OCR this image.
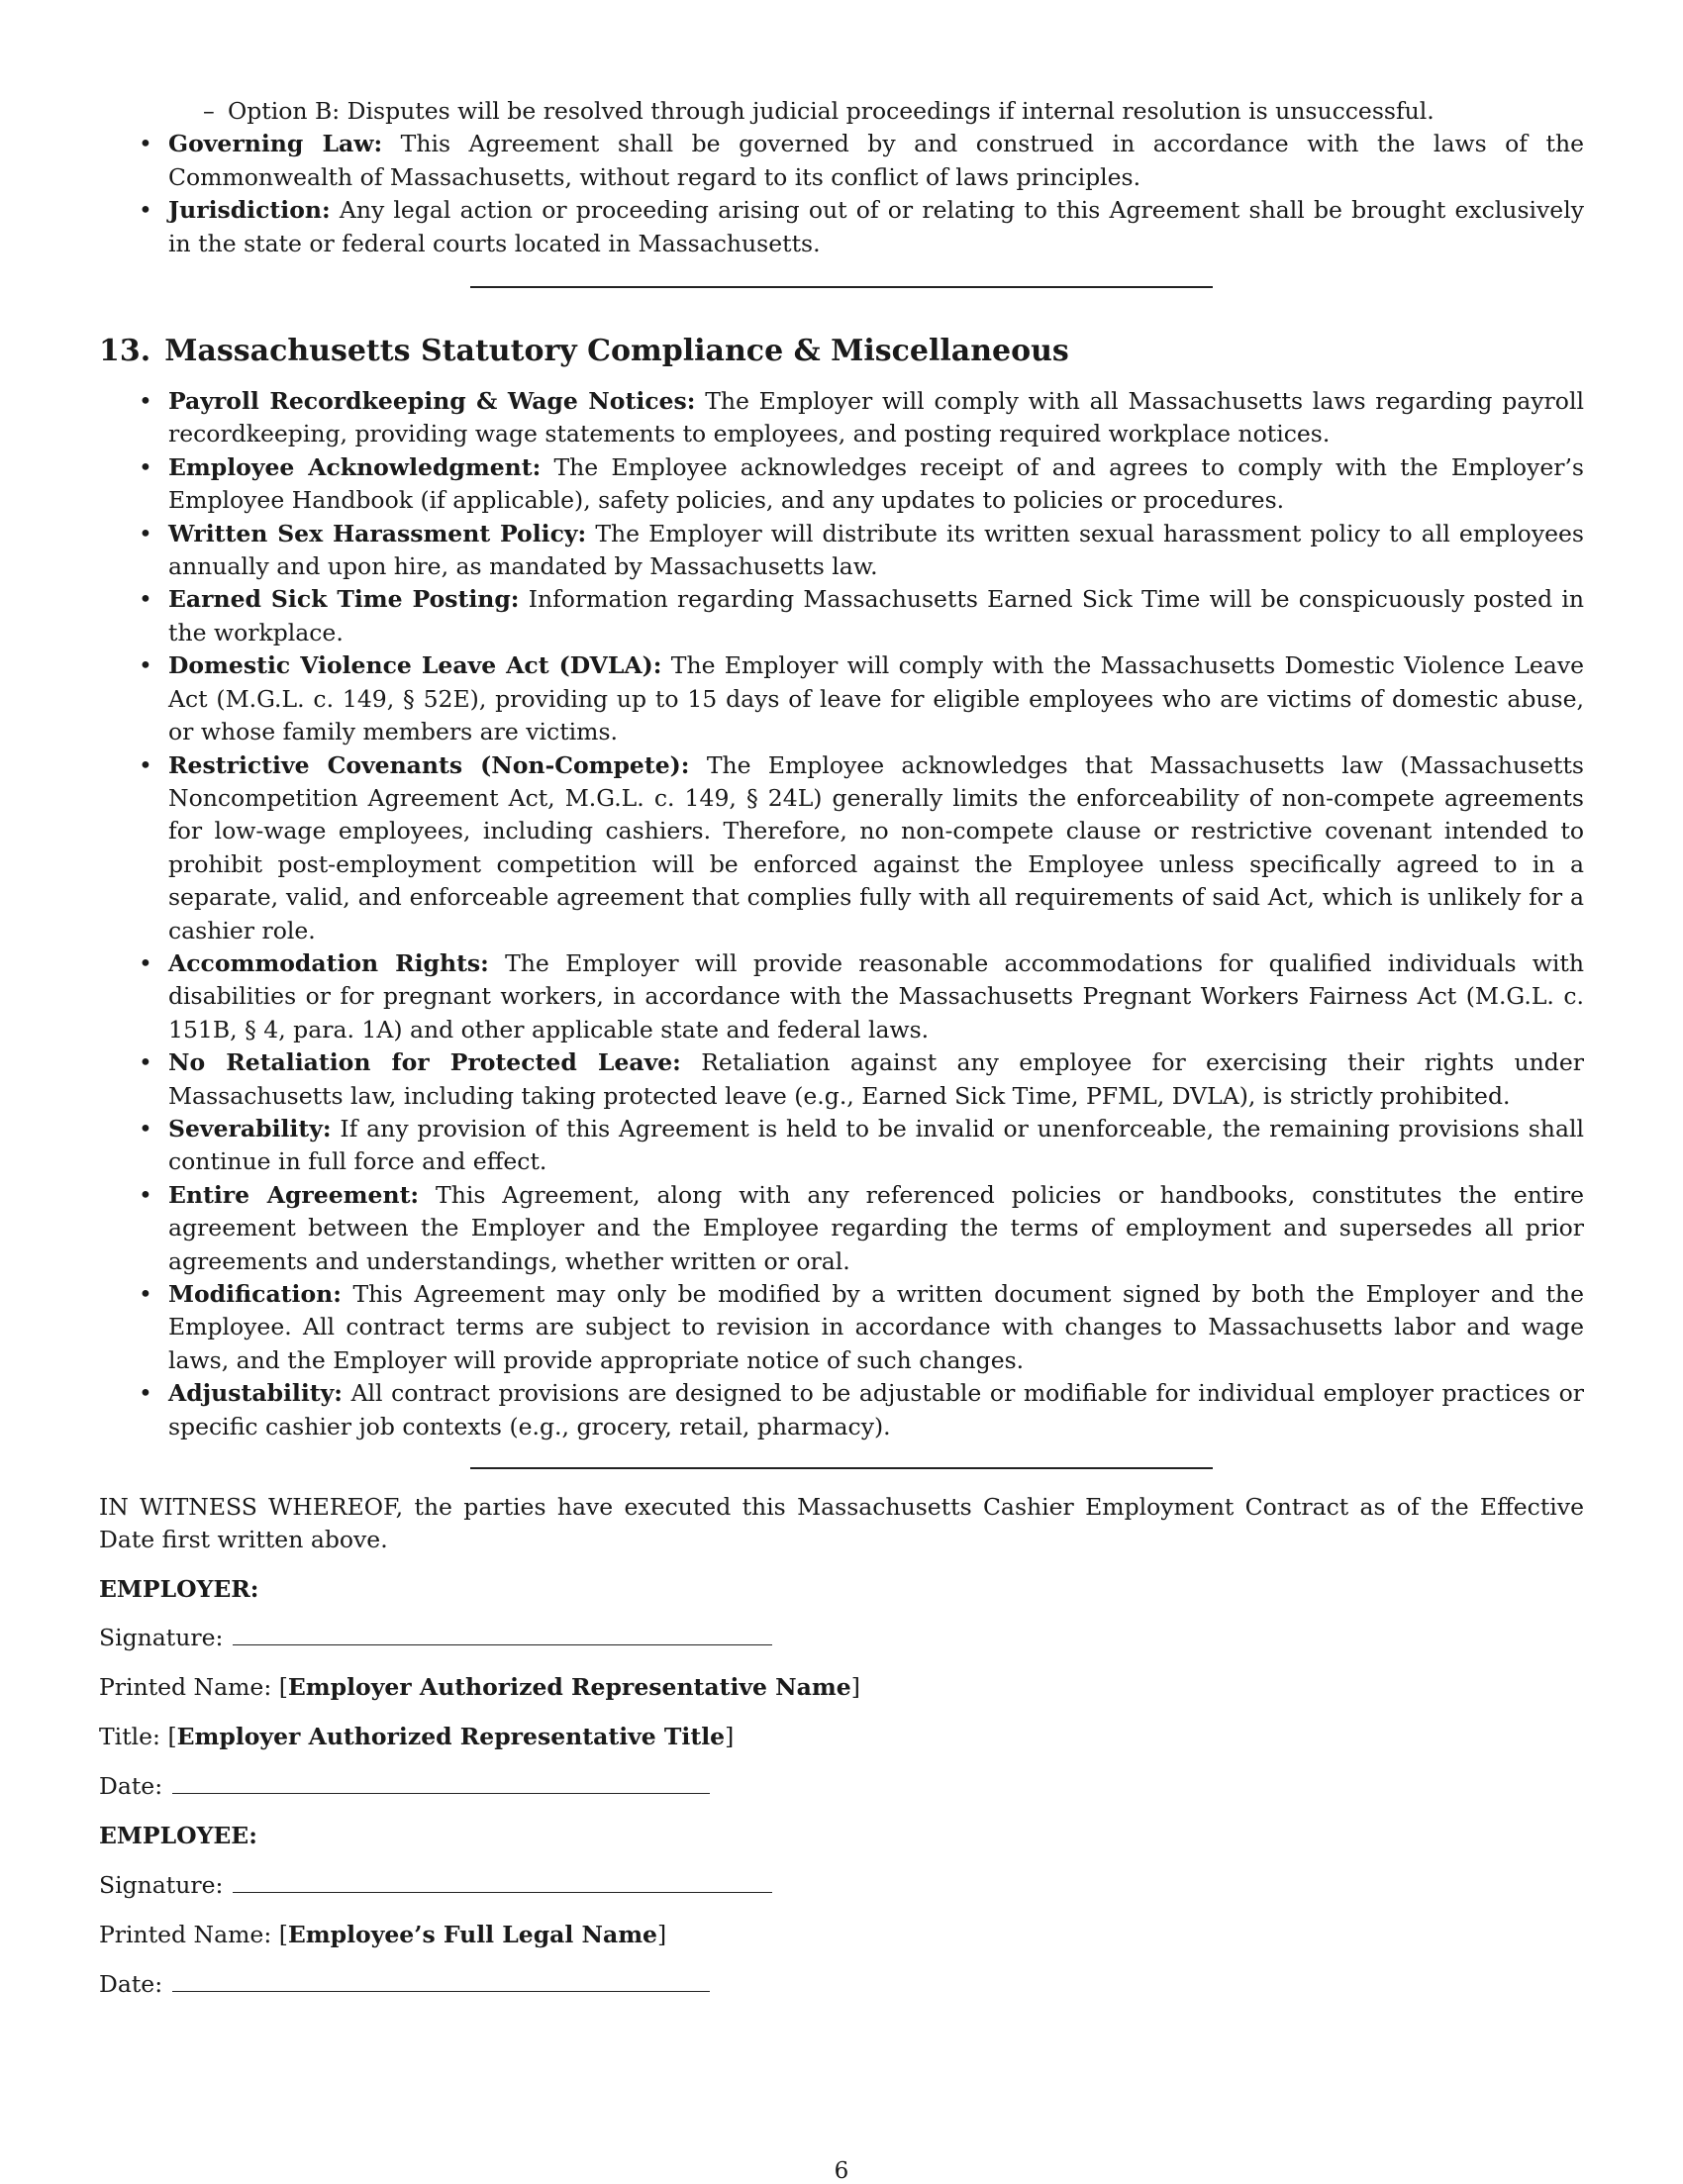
– Option B: Disputes will be resolved through judicial proceedings if internal resolution is unsuccessful.
• Governing Law: This Agreement shall be governed by and construed in accordance with the laws of the Commonwealth of Massachusetts, without regard to its conflict of laws principles.
• Jurisdiction: Any legal action or proceeding arising out of or relating to this Agreement shall be brought exclusively in the state or federal courts located in Massachusetts.
13. Massachusetts Statutory Compliance & Miscellaneous
• Payroll Recordkeeping & Wage Notices: The Employer will comply with all Massachusetts laws regarding payroll recordkeeping, providing wage statements to employees, and posting required workplace notices.
• Employee Acknowledgment: The Employee acknowledges receipt of and agrees to comply with the Employer’s Employee Handbook (if applicable), safety policies, and any updates to policies or procedures.
• Written Sex Harassment Policy: The Employer will distribute its written sexual harassment policy to all employees annually and upon hire, as mandated by Massachusetts law.
• Earned Sick Time Posting: Information regarding Massachusetts Earned Sick Time will be conspicuously posted in the workplace.
• Domestic Violence Leave Act (DVLA): The Employer will comply with the Massachusetts Domestic Violence Leave Act (M.G.L. c. 149, § 52E), providing up to 15 days of leave for eligible employees who are victims of domestic abuse, or whose family members are victims.
• Restrictive Covenants (Non-Compete): The Employee acknowledges that Massachusetts law (Massachusetts Noncompetition Agreement Act, M.G.L. c. 149, § 24L) generally limits the enforceability of non-compete agreements for low-wage employees, including cashiers. Therefore, no non-compete clause or restrictive covenant intended to prohibit post-employment competition will be enforced against the Employee unless specifically agreed to in a separate, valid, and enforceable agreement that complies fully with all requirements of said Act, which is unlikely for a cashier role.
• Accommodation Rights: The Employer will provide reasonable accommodations for qualified individuals with disabilities or for pregnant workers, in accordance with the Massachusetts Pregnant Workers Fairness Act (M.G.L. c. 151B, § 4, para. 1A) and other applicable state and federal laws.
• No Retaliation for Protected Leave: Retaliation against any employee for exercising their rights under Massachusetts law, including taking protected leave (e.g., Earned Sick Time, PFML, DVLA), is strictly prohibited.
• Severability: If any provision of this Agreement is held to be invalid or unenforceable, the remaining provisions shall continue in full force and effect.
• Entire Agreement: This Agreement, along with any referenced policies or handbooks, constitutes the entire agreement between the Employer and the Employee regarding the terms of employment and supersedes all prior agreements and understandings, whether written or oral.
• Modification: This Agreement may only be modified by a written document signed by both the Employer and the Employee. All contract terms are subject to revision in accordance with changes to Massachusetts labor and wage laws, and the Employer will provide appropriate notice of such changes.
• Adjustability: All contract provisions are designed to be adjustable or modifiable for individual employer practices or specific cashier job contexts (e.g., grocery, retail, pharmacy).
IN WITNESS WHEREOF, the parties have executed this Massachusetts Cashier Employment Contract as of the Effective Date first written above.
EMPLOYER:
Signature:
Printed Name: [Employer Authorized Representative Name]
Title: [Employer Authorized Representative Title]
Date:
EMPLOYEE:
Signature:
Printed Name: [Employee’s Full Legal Name]
Date:
6
